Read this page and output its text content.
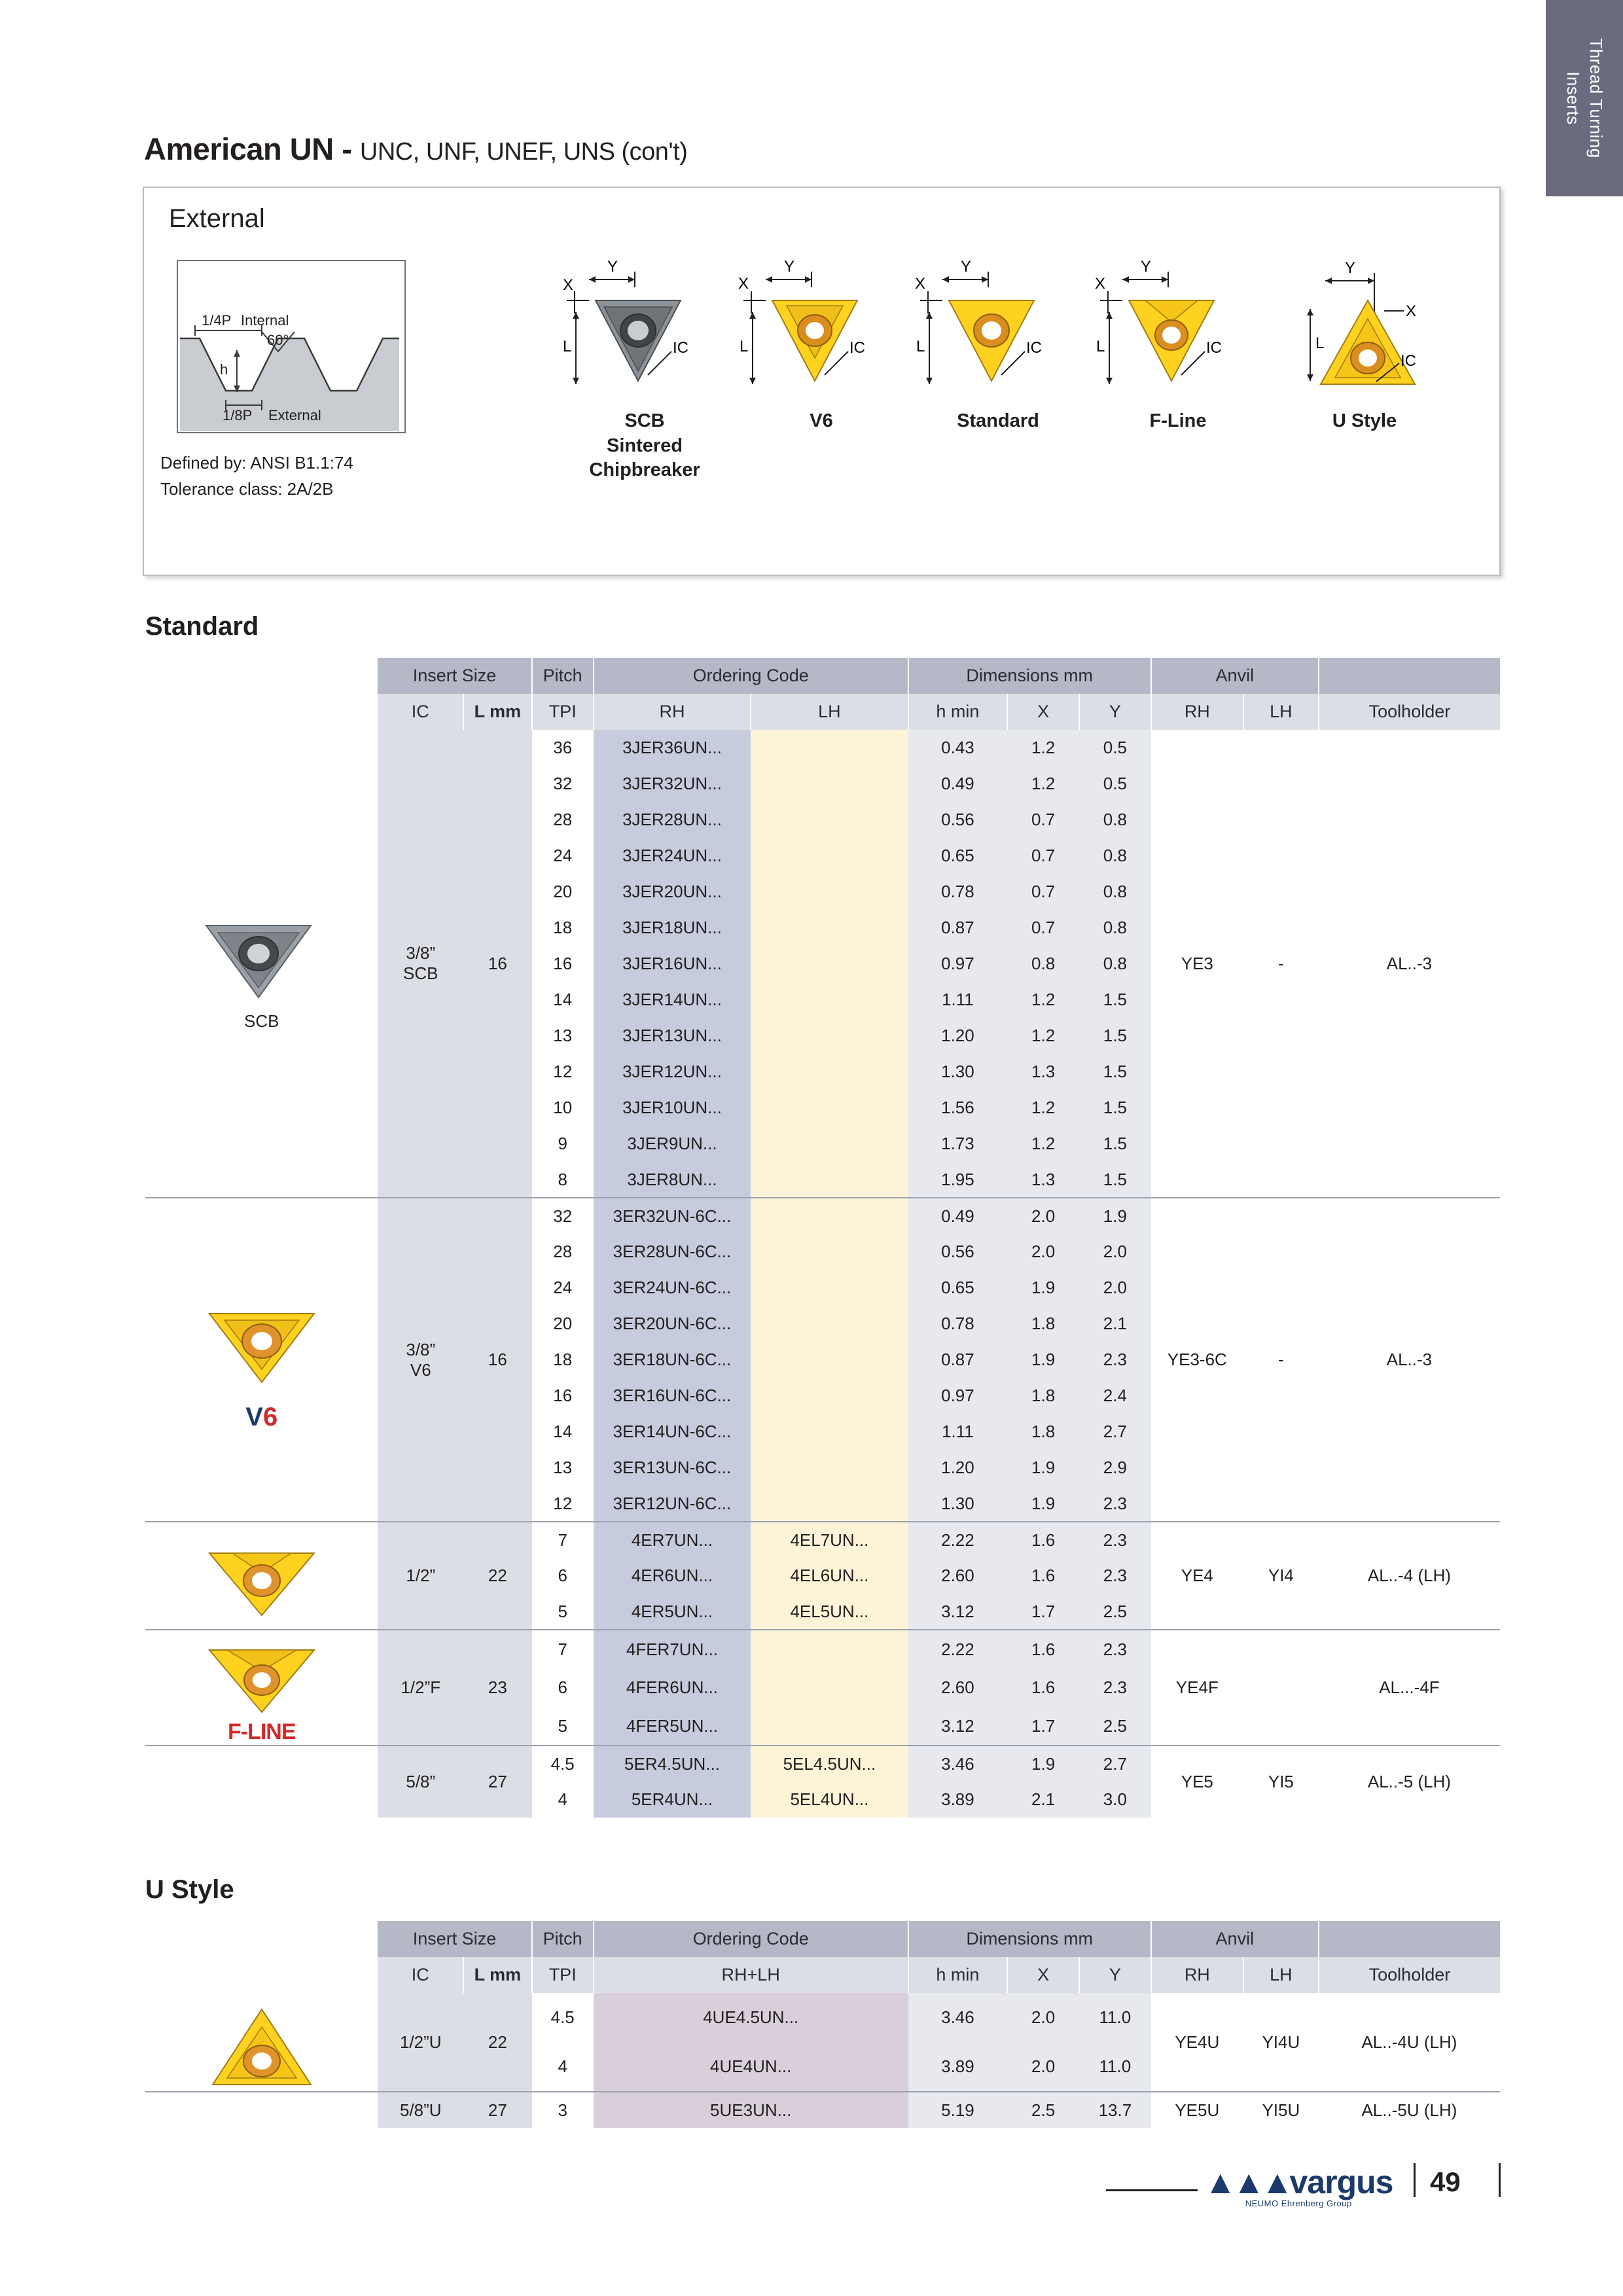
Thread Turning
Inserts
American UN - UNC, UNF, UNEF, UNS (con't)
External
1/4P Internal
60°
h
1/8P External
Defined by: ANSI B1.1:74
Tolerance class: 2A/2B
Y
X
L	IC
SCB
Sintered
Chipbreaker
Y
X
L	IC
V6
Y
X
L	IC
Standard
Y
X
L	IC
F-Line
Y
X
L
IC
U Style
Standard
	Insert Size		Pitch	Ordering Code		Dimensions mm			Anvil		
	IC	L mm	TPI	RH	LH	h min	X	Y	RH	LH	Toolholder

SCB	3/8”
SCB	16	36	3JER36UN...		0.43	1.2	0.5	YE3	-	AL..-3
			32	3JER32UN...		0.49	1.2	0.5			
			28	3JER28UN...		0.56	0.7	0.8			
			24	3JER24UN...		0.65	0.7	0.8			
			20	3JER20UN...		0.78	0.7	0.8			
			18	3JER18UN...		0.87	0.7	0.8			
			16	3JER16UN...		0.97	0.8	0.8			
			14	3JER14UN...		1.11	1.2	1.5			
			13	3JER13UN...		1.20	1.2	1.5			
			12	3JER12UN...		1.30	1.3	1.5			
			10	3JER10UN...		1.56	1.2	1.5			
			9	3JER9UN...		1.73	1.2	1.5			
			8	3JER8UN...		1.95	1.3	1.5			

V6	3/8”
V6	16	32	3ER32UN-6C...		0.49	2.0	1.9	YE3-6C	-	AL..-3
			28	3ER28UN-6C...		0.56	2.0	2.0			
			24	3ER24UN-6C...		0.65	1.9	2.0			
			20	3ER20UN-6C...		0.78	1.8	2.1			
			18	3ER18UN-6C...		0.87	1.9	2.3			
			16	3ER16UN-6C...		0.97	1.8	2.4			
			14	3ER14UN-6C...		1.11	1.8	2.7			
			13	3ER13UN-6C...		1.20	1.9	2.9			
			12	3ER12UN-6C...		1.30	1.9	2.3			

	1/2”	22	7	4ER7UN...	4EL7UN...	2.22	1.6	2.3	YE4	YI4	AL..-4 (LH)
			6	4ER6UN...	4EL6UN...	2.60	1.6	2.3			
			5	4ER5UN...	4EL5UN...	3.12	1.7	2.5			

F-LINE	1/2”F	23	7	4FER7UN...		2.22	1.6	2.3	YE4F		AL...-4F
			6	4FER6UN...		2.60	1.6	2.3			
			5	4FER5UN...		3.12	1.7	2.5			
	5/8”	27	4.5	5ER4.5UN...	5EL4.5UN...	3.46	1.9	2.7	YE5	YI5	AL..-5 (LH)
			4	5ER4UN...	5EL4UN...	3.89	2.1	3.0			
U Style
	Insert Size		Pitch	Ordering Code	Dimensions mm			Anvil		
	IC	L mm	TPI	RH+LH	h min	X	Y	RH	LH	Toolholder

	1/2”U	22	4.5	4UE4.5UN...	3.46	2.0	11.0	YE4U	YI4U	AL..-4U (LH)
			4	4UE4UN...	3.89	2.0	11.0			
	5/8”U	27	3	5UE3UN...	5.19	2.5	13.7	YE5U	YI5U	AL..-5U (LH)
▲▲▲vargus
NEUMO Ehrenberg Group
49
